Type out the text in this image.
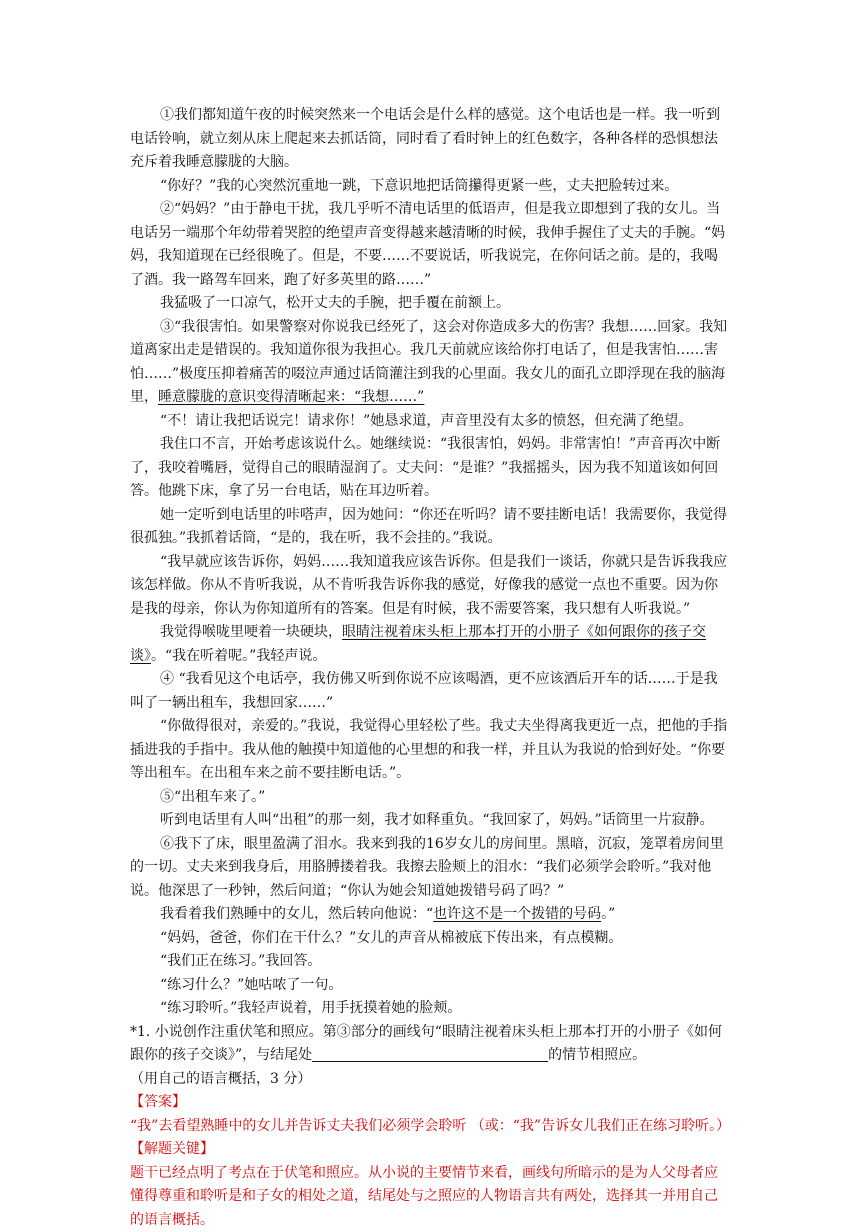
①我们都知道午夜的时候突然来一个电话会是什么样的感觉。这个电话也是一样。我一听到电话铃响，就立刻从床上爬起来去抓话筒，同时看了看时钟上的红色数字，各种各样的恐惧想法充斥着我睡意朦胧的大脑。

“你好？”我的心突然沉重地一跳，下意识地把话筒攥得更紧一些，丈夫把脸转过来。

②“妈妈？”由于静电干扰，我几乎听不清电话里的低语声，但是我立即想到了我的女儿。当电话另一端那个年幼带着哭腔的绝望声音变得越来越清晰的时候，我伸手握住了丈夫的手腕。“妈妈，我知道现在已经很晚了。但是，不要……不要说话，听我说完，在你问话之前。是的，我喝了酒。我一路驾车回来，跑了好多英里的路……”

我猛吸了一口凉气，松开丈夫的手腕，把手覆在前额上。

③“我很害怕。如果警察对你说我已经死了，这会对你造成多大的伤害？我想……回家。我知道离家出走是错误的。我知道你很为我担心。我几天前就应该给你打电话了，但是我害怕……害怕……”极度压抑着痛苦的啜泣声通过话筒灌注到我的心里面。我女儿的面孔立即浮现在我的脑海里，睡意朦胧的意识变得清晰起来：“我想……”

“不！请让我把话说完！请求你！”她恳求道，声音里没有太多的愤怒，但充满了绝望。

我住口不言，开始考虑该说什么。她继续说：“我很害怕，妈妈。非常害怕！”声音再次中断了，我咬着嘴唇，觉得自己的眼睛湿润了。丈夫问：“是谁？”我摇摇头，因为我不知道该如何回答。他跳下床，拿了另一台电话，贴在耳边听着。

她一定听到电话里的咔嗒声，因为她问：“你还在听吗？请不要挂断电话！我需要你，我觉得很孤独。”我抓着话筒，“是的，我在听，我不会挂的。”我说。

“我早就应该告诉你，妈妈……我知道我应该告诉你。但是我们一谈话，你就只是告诉我我应该怎样做。你从不肯听我说，从不肯听我告诉你我的感觉，好像我的感觉一点也不重要。因为你是我的母亲，你认为你知道所有的答案。但是有时候，我不需要答案，我只想有人听我说。”

我觉得喉咙里哽着一块硬块，眼睛注视着床头柜上那本打开的小册子《如何跟你的孩子交谈》。“我在听着呢。”我轻声说。

④ “我看见这个电话亭，我仿佛又听到你说不应该喝酒，更不应该酒后开车的话……于是我叫了一辆出租车，我想回家……”

“你做得很对，亲爱的。”我说，我觉得心里轻松了些。我丈夫坐得离我更近一点，把他的手指插进我的手指中。我从他的触摸中知道他的心里想的和我一样，并且认为我说的恰到好处。“你要等出租车。在出租车来之前不要挂断电话。”。

⑤“出租车来了。”

听到电话里有人叫“出租”的那一刻，我才如释重负。“我回家了，妈妈。”话筒里一片寂静。

⑥我下了床，眼里盈满了泪水。我来到我的16岁女儿的房间里。黑暗，沉寂，笼罩着房间里的一切。丈夫来到我身后，用胳膊搂着我。我擦去脸颊上的泪水：“我们必须学会聆听。”我对他说。他深思了一秒钟，然后问道；“你认为她会知道她拨错号码了吗？”

我看着我们熟睡中的女儿，然后转向他说：“也许这不是一个拨错的号码。”

“妈妈，爸爸，你们在干什么？”女儿的声音从棉被底下传出来，有点模糊。

“我们正在练习。”我回答。

“练习什么？”她咕哝了一句。

“练习聆听。”我轻声说着，用手抚摸着她的脸颊。

*1. 小说创作注重伏笔和照应。第③部分的画线句“眼睛注视着床头柜上那本打开的小册子《如何跟你的孩子交谈》”，与结尾处	的情节相照应。

（用自己的语言概括，3 分）

【答案】

“我”去看望熟睡中的女儿并告诉丈夫我们必须学会聆听 （或：“我”告诉女儿我们正在练习聆听。）

【解题关键】

题干已经点明了考点在于伏笔和照应。从小说的主要情节来看，画线句所暗示的是为人父母者应懂得尊重和聆听是和子女的相处之道，结尾处与之照应的人物语言共有两处，选择其一并用自己的语言概括。
